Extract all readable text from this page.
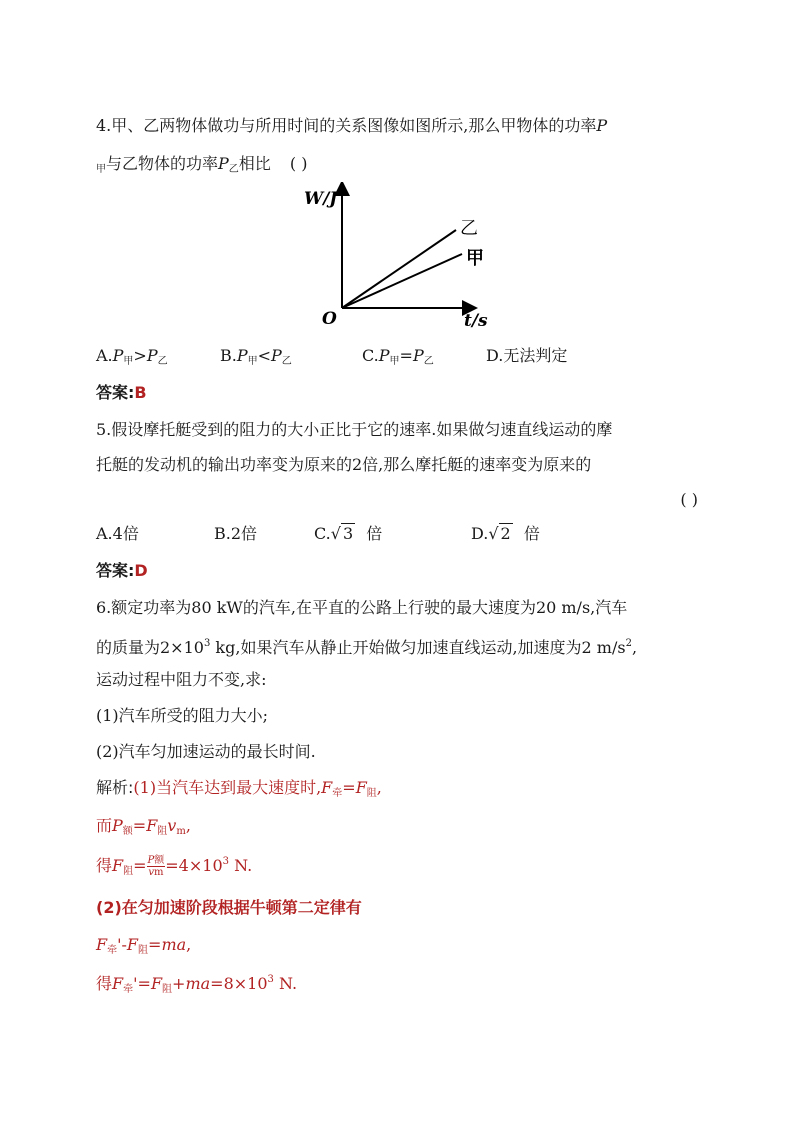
4.甲、乙两物体做功与所用时间的关系图像如图所示,那么甲物体的功率P
$_甲$与乙物体的功率$P_乙$相比 ( )
W/J
t/s
O
乙
甲
$A.P_甲>P_乙$	$B.P_甲<P_乙$	$C.P_甲=P_乙$	D.无法判定
答案:B
5.假设摩托艇受到的阻力的大小正比于它的速率.如果做匀速直线运动的摩
托艇的发动机的输出功率变为原来的2倍,那么摩托艇的速率变为原来的
( )
A.4倍	B.2倍	C.√ 3 倍	D.√ 2 倍
答案:D
6.额定功率为80 kW的汽车,在平直的公路上行驶的最大速度为20 m/s,汽车
的质量为$2\times 10^3$ kg,如果汽车从静止开始做匀加速直线运动,加速度为2 $m/s^2$,
运动过程中阻力不变,求:
(1)汽车所受的阻力大小;
(2)汽车匀加速运动的最长时间.
解析:(1)当汽车达到最大速度时$,F_牵=F_阻$,
而$P_额=F_阻v_m$,
得$F_阻= \frac{\text{P额}}{vm} =4\times 10^3$ N.
(2)在匀加速阶段根据牛顿第二定律有
$F_牵'-F_阻=ma$,
得$F_牵'=F_阻+ma=8\times 10^3$ N.
